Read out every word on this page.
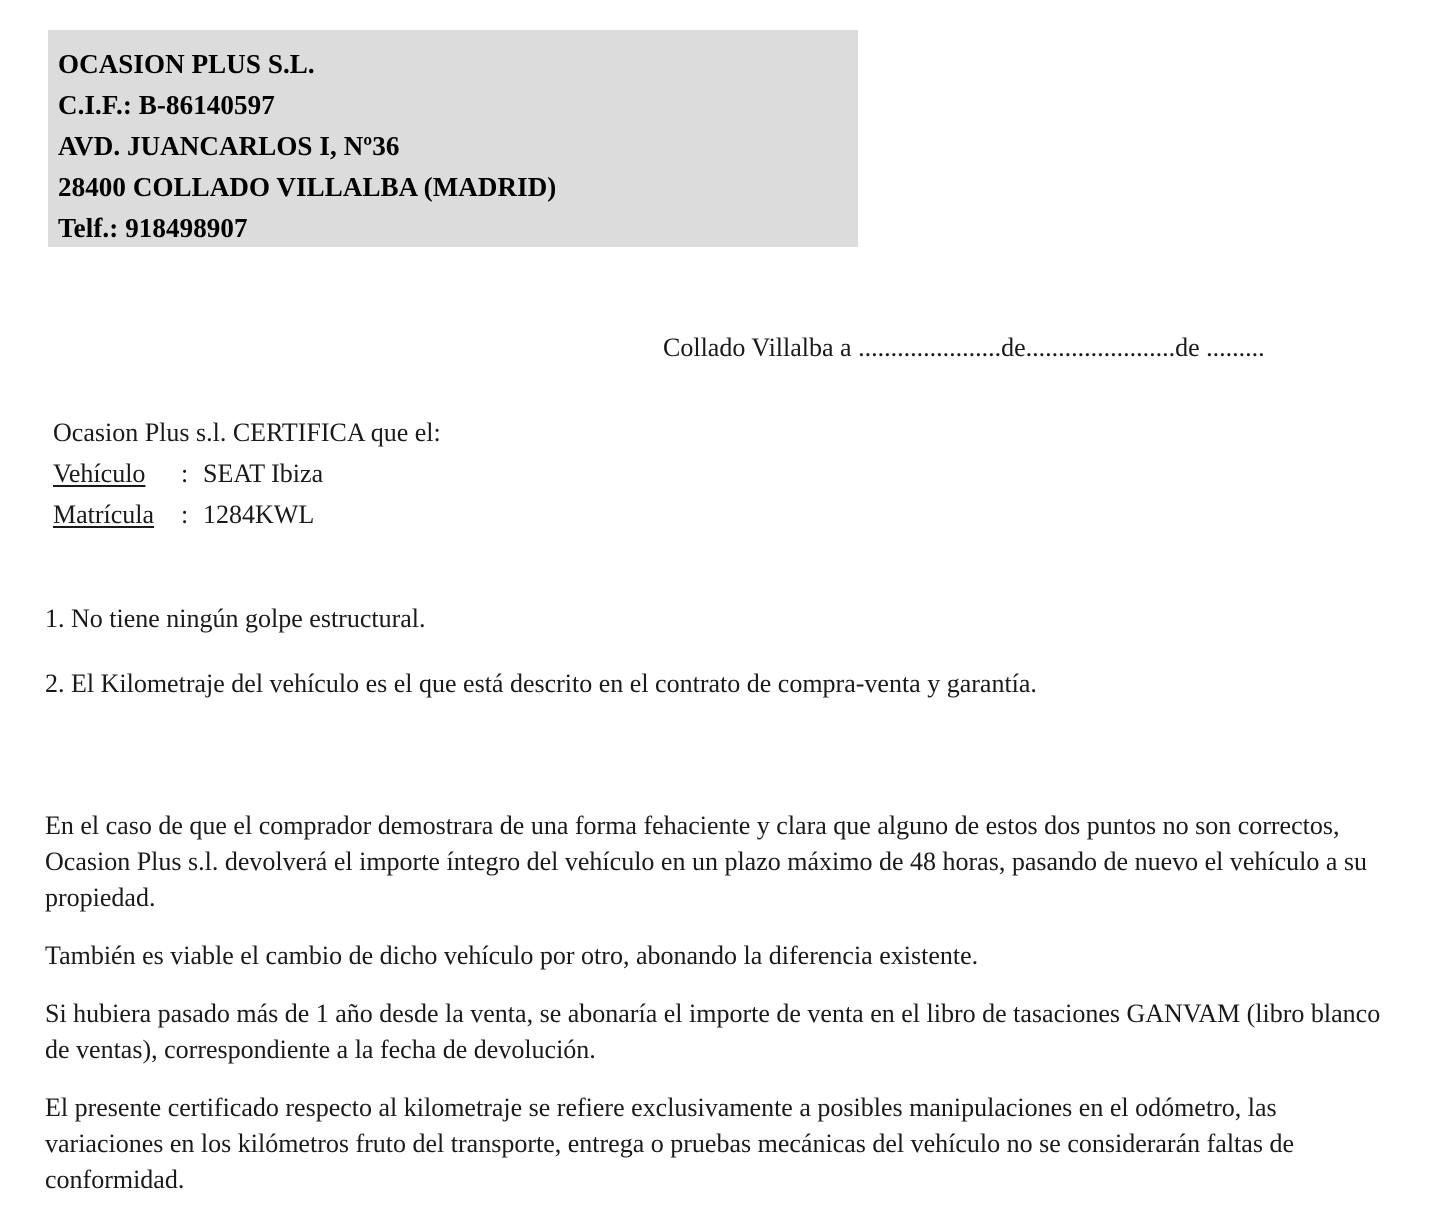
OCASION PLUS S.L.
C.I.F.: B-86140597
AVD. JUANCARLOS I, Nº36
28400 COLLADO VILLALBA (MADRID)
Telf.: 918498907
Collado Villalba a ......................de.......................de .........
Ocasion Plus s.l. CERTIFICA que el:
Vehículo : SEAT Ibiza
Matrícula : 1284KWL
1. No tiene ningún golpe estructural.
2. El Kilometraje del vehículo es el que está descrito en el contrato de compra-venta y garantía.

En el caso de que el comprador demostrara de una forma fehaciente y clara que alguno de estos dos puntos no son correctos, Ocasion Plus s.l. devolverá el importe íntegro del vehículo en un plazo máximo de 48 horas, pasando de nuevo el vehículo a su propiedad.

También es viable el cambio de dicho vehículo por otro, abonando la diferencia existente.

Si hubiera pasado más de 1 año desde la venta, se abonaría el importe de venta en el libro de tasaciones GANVAM (libro blanco de ventas), correspondiente a la fecha de devolución.

El presente certificado respecto al kilometraje se refiere exclusivamente a posibles manipulaciones en el odómetro, las variaciones en los kilómetros fruto del transporte, entrega o pruebas mecánicas del vehículo no se considerarán faltas de conformidad.
